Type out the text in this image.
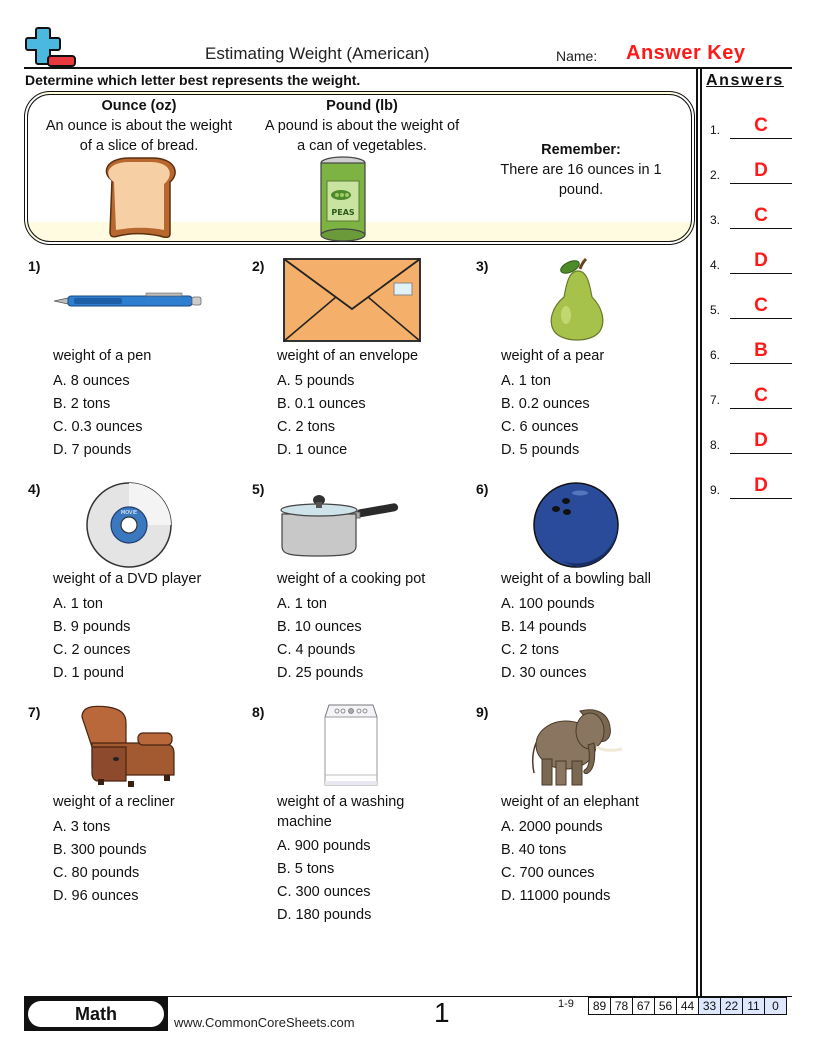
Estimating Weight (American)	Name: Answer Key
Determine which letter best represents the weight.
Ounce (oz)
An ounce is about the weight
of a slice of bread.
Pound (lb)
A pound is about the weight of
a can of vegetables.
PEAS
Remember:
There are 16 ounces in 1
pound.
1)
weight of a pen
A. 8 ounces
B. 2 tons
C. 0.3 ounces
D. 7 pounds
2)
weight of an envelope
A. 5 pounds
B. 0.1 ounces
C. 2 tons
D. 1 ounce
3)
weight of a pear
A. 1 ton
B. 0.2 ounces
C. 6 ounces
D. 5 pounds
4)
MOVIE
weight of a DVD player
A. 1 ton
B. 9 pounds
C. 2 ounces
D. 1 pound
5)
weight of a cooking pot
A. 1 ton
B. 10 ounces
C. 4 pounds
D. 25 pounds
6)
weight of a bowling ball
A. 100 pounds
B. 14 pounds
C. 2 tons
D. 30 ounces
7)
weight of a recliner
A. 3 tons
B. 300 pounds
C. 80 pounds
D. 96 ounces
8)
weight of a washing
machine
A. 900 pounds
B. 5 tons
C. 300 ounces
D. 180 pounds
9)
weight of an elephant
A. 2000 pounds
B. 40 tons
C. 700 ounces
D. 11000 pounds
Answers
1.	C
2.	D
3.	C
4.	D
5.	C
6.	B
7.	C
8.	D
9.	D
Math	www.CommonCoreSheets.com	1	1-9 89	78	67	56	44	33	22	11	0
